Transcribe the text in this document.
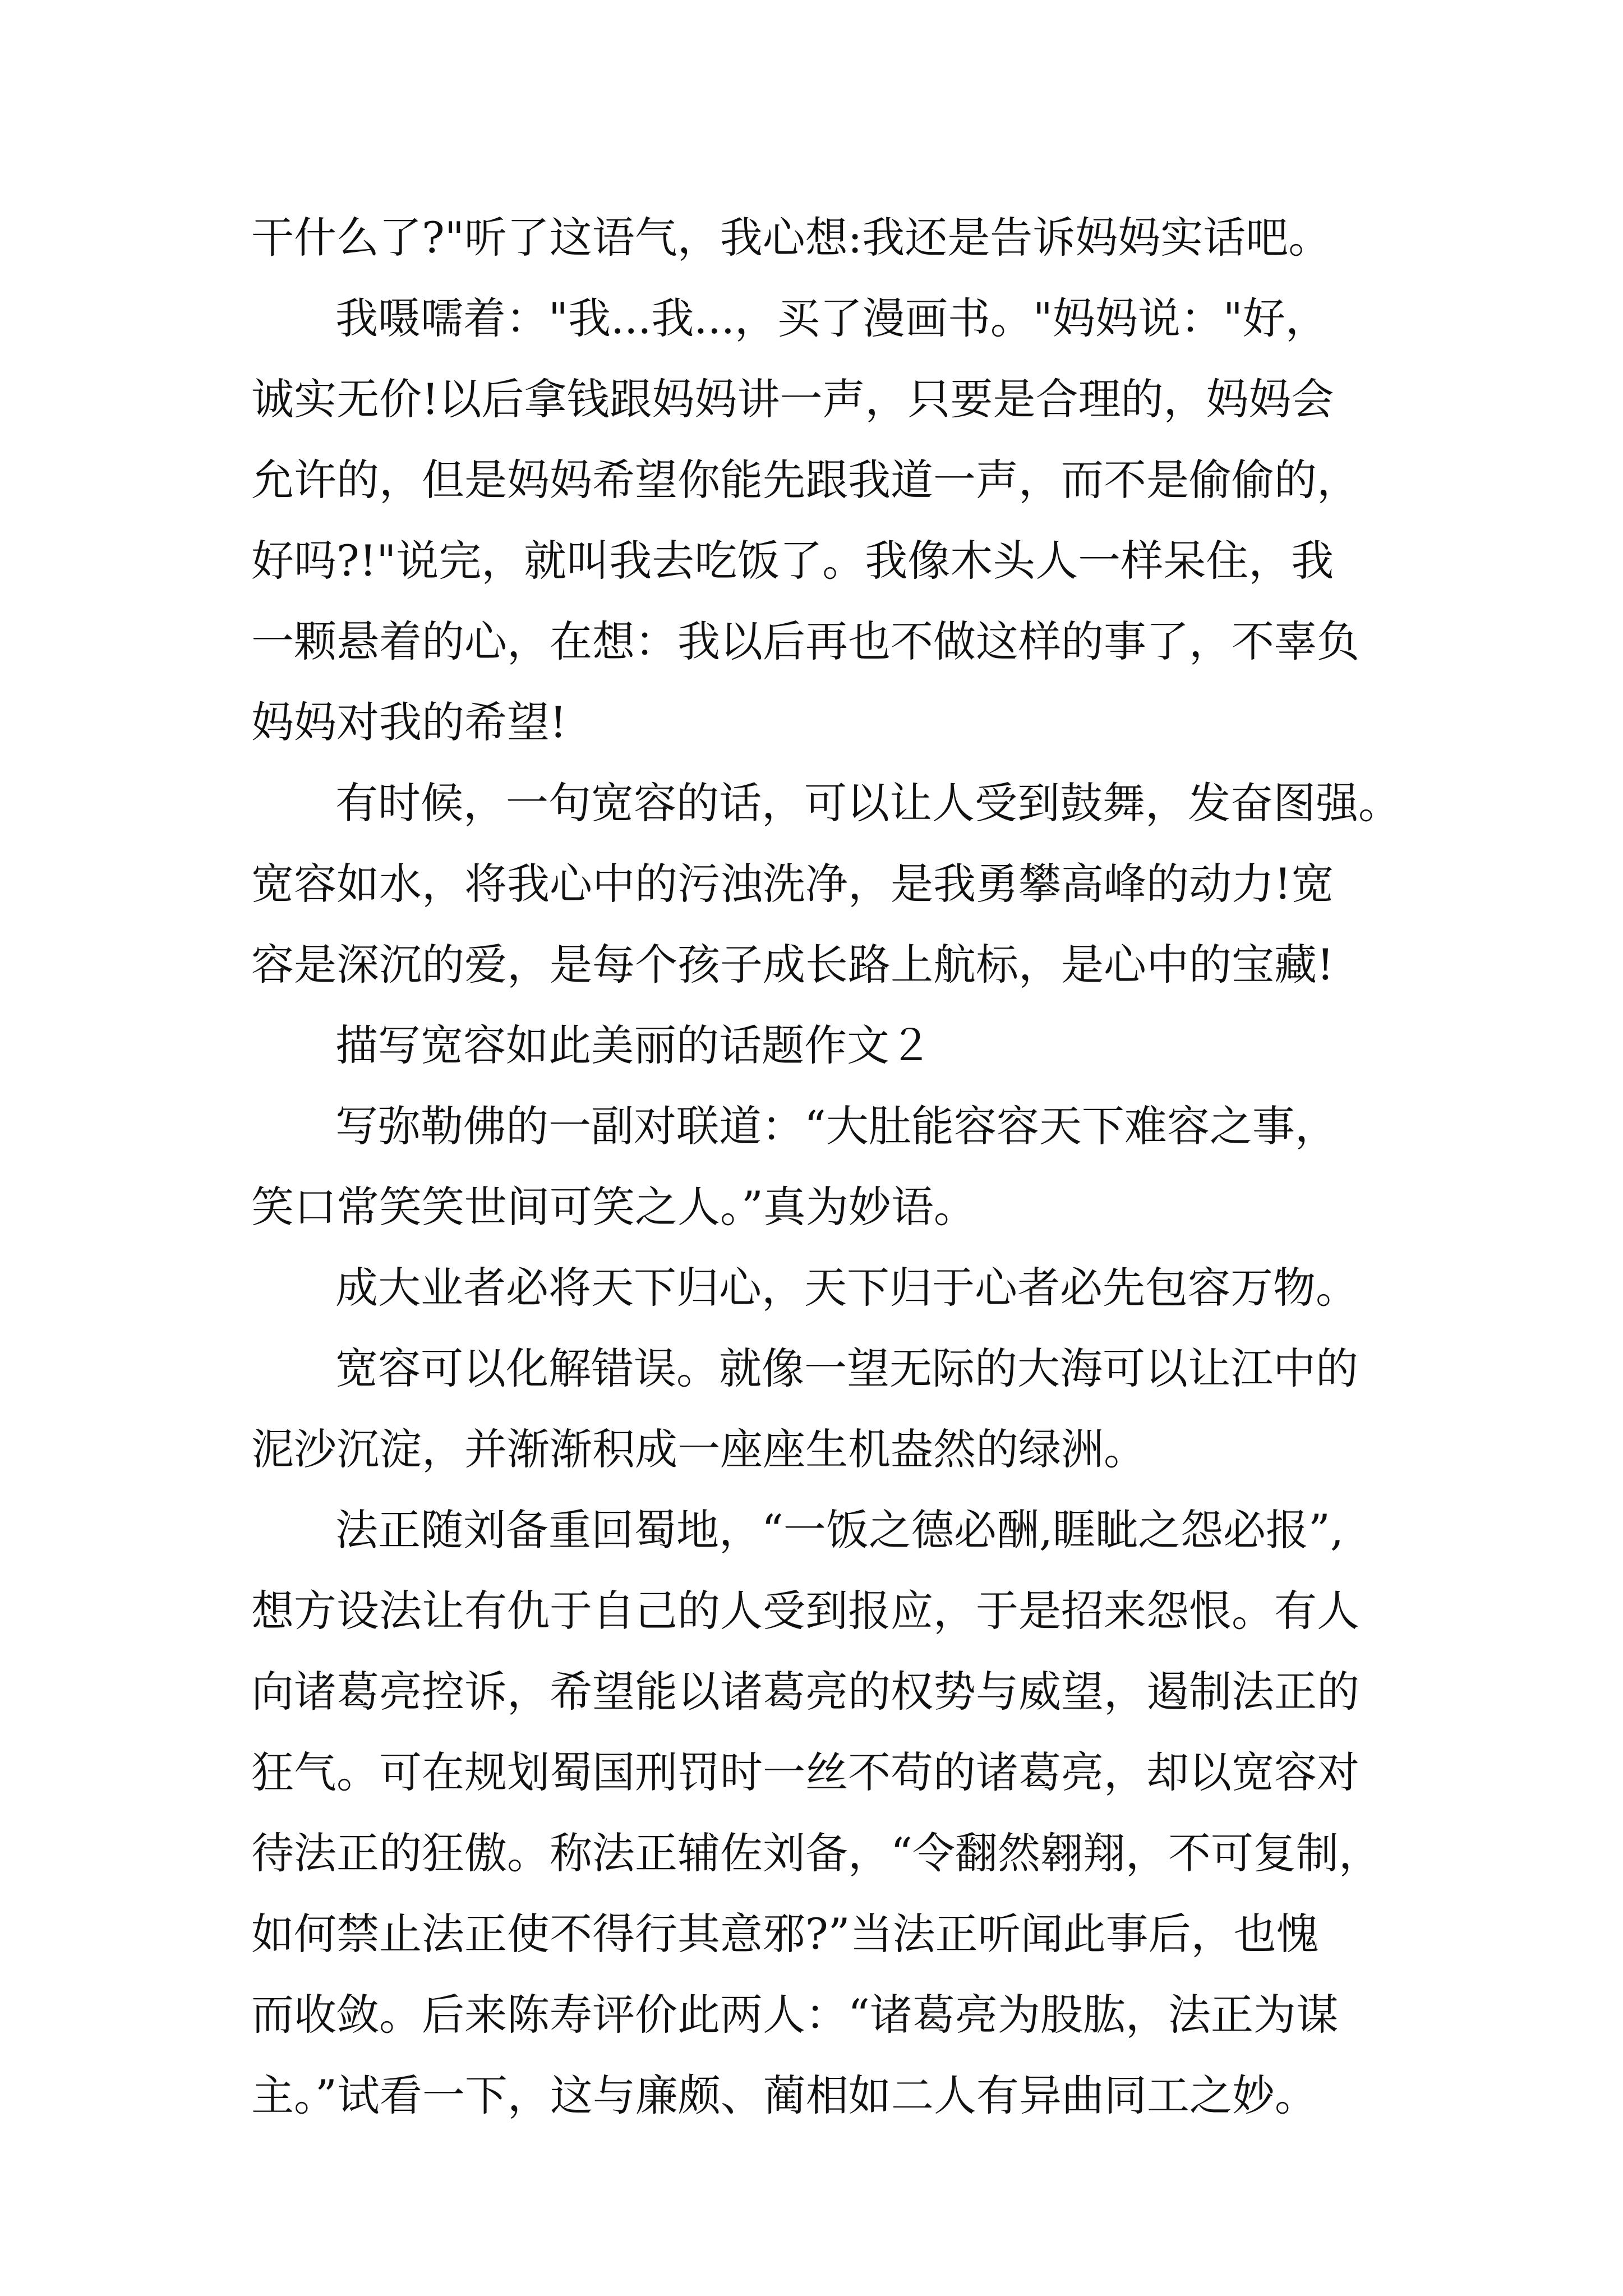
干什么了?"听了这语气，我心想:我还是告诉妈妈实话吧。
我嗫嚅着："我...我...，买了漫画书。"妈妈说："好，
诚实无价!以后拿钱跟妈妈讲一声，只要是合理的，妈妈会
允许的，但是妈妈希望你能先跟我道一声，而不是偷偷的，
好吗?!"说完，就叫我去吃饭了。我像木头人一样呆住，我
一颗悬着的心，在想：我以后再也不做这样的事了，不辜负
妈妈对我的希望!
有时候，一句宽容的话，可以让人受到鼓舞，发奋图强。
宽容如水，将我心中的污浊洗净，是我勇攀高峰的动力!宽
容是深沉的爱，是每个孩子成长路上航标，是心中的宝藏!
描写宽容如此美丽的话题作文２
写弥勒佛的一副对联道：“大肚能容容天下难容之事，
笑口常笑笑世间可笑之人。”真为妙语。
成大业者必将天下归心，天下归于心者必先包容万物。
宽容可以化解错误。就像一望无际的大海可以让江中的
泥沙沉淀，并渐渐积成一座座生机盎然的绿洲。
法正随刘备重回蜀地，“一饭之德必酬,睚眦之怨必报”,
想方设法让有仇于自己的人受到报应，于是招来怨恨。有人
向诸葛亮控诉，希望能以诸葛亮的权势与威望，遏制法正的
狂气。可在规划蜀国刑罚时一丝不苟的诸葛亮，却以宽容对
待法正的狂傲。称法正辅佐刘备，“令翻然翱翔，不可复制，
如何禁止法正使不得行其意邪?”当法正听闻此事后，也愧
而收敛。后来陈寿评价此两人：“诸葛亮为股肱，法正为谋
主。”试看一下，这与廉颇、蔺相如二人有异曲同工之妙。
